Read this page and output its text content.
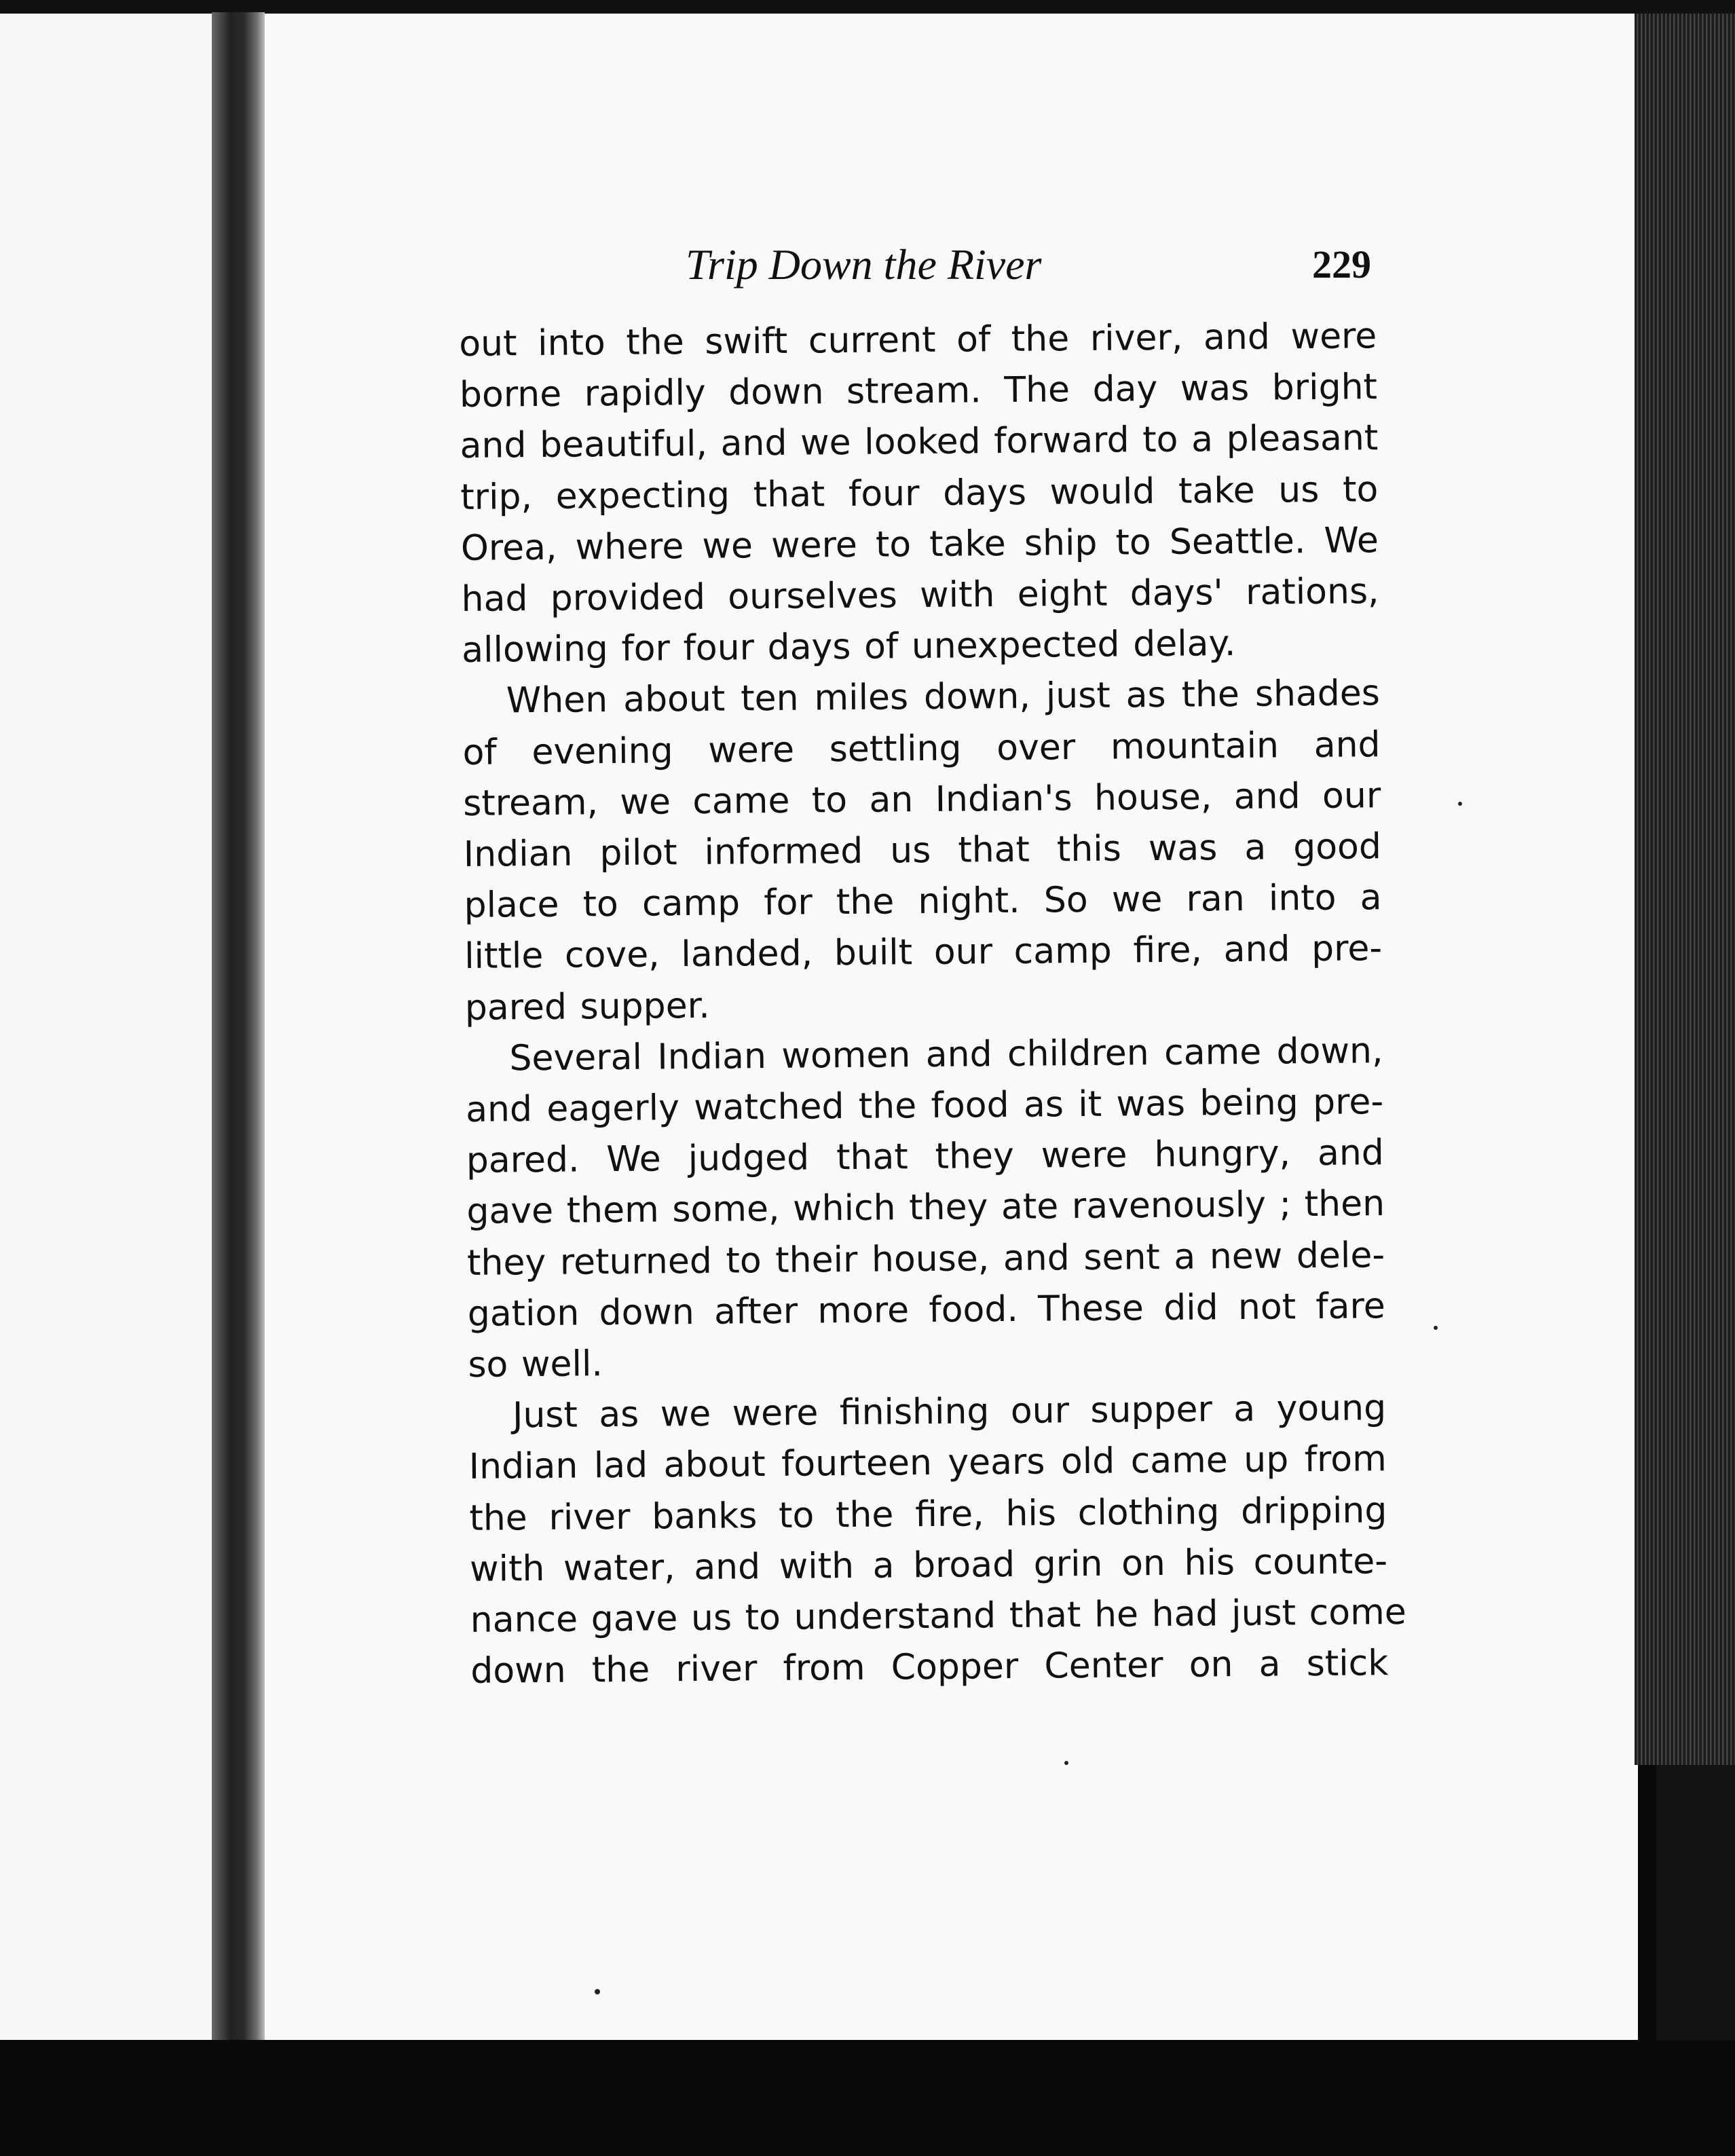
Trip Down the River	229
out into the swift current of the river, and were
borne rapidly down stream. The day was bright
and beautiful, and we looked forward to a pleasant
trip, expecting that four days would take us to
Orea, where we were to take ship to Seattle. We
had provided ourselves with eight days' rations,
allowing for four days of unexpected delay.
When about ten miles down, just as the shades
of evening were settling over mountain and
stream, we came to an Indian's house, and our
Indian pilot informed us that this was a good
place to camp for the night. So we ran into a
little cove, landed, built our camp fire, and pre-
pared supper.
Several Indian women and children came down,
and eagerly watched the food as it was being pre-
pared. We judged that they were hungry, and
gave them some, which they ate ravenously ; then
they returned to their house, and sent a new dele-
gation down after more food. These did not fare
so well.
Just as we were finishing our supper a young
Indian lad about fourteen years old came up from
the river banks to the fire, his clothing dripping
with water, and with a broad grin on his counte-
nance gave us to understand that he had just come
down the river from Copper Center on a stick
